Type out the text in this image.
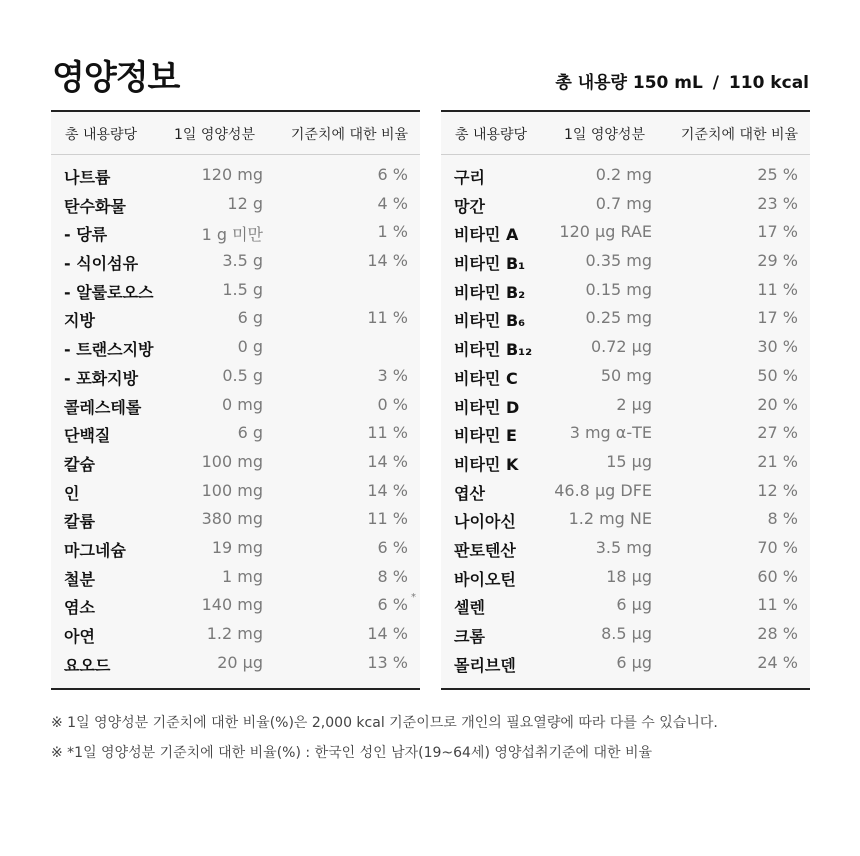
영양정보	총 내용량 150 mL / 110 kcal
총 내용량당	1일 영양성분	기준치에 대한 비율
나트륨	120 mg	6 %
탄수화물	12 g	4 %
- 당류	1 g 미만	1 %
- 식이섬유	3.5 g	14 %
- 알룰로오스	1.5 g
지방	6 g	11 %
- 트랜스지방	0 g
- 포화지방	0.5 g	3 %
콜레스테롤	0 mg	0 %
단백질	6 g	11 %
칼슘	100 mg	14 %
인	100 mg	14 %
칼륨	380 mg	11 %
마그네슘	19 mg	6 %
철분	1 mg	8 %
염소	140 mg	6 % *
아연	1.2 mg	14 %
요오드	20 μg	13 %
총 내용량당	1일 영양성분	기준치에 대한 비율
구리	0.2 mg	25 %
망간	0.7 mg	23 %
비타민 A	120 μg RAE	17 %
비타민 B₁	0.35 mg	29 %
비타민 B₂	0.15 mg	11 %
비타민 B₆	0.25 mg	17 %
비타민 B₁₂	0.72 μg	30 %
비타민 C	50 mg	50 %
비타민 D	2 μg	20 %
비타민 E	3 mg α-TE	27 %
비타민 K	15 μg	21 %
엽산	46.8 μg DFE	12 %
나이아신	1.2 mg NE	8 %
판토텐산	3.5 mg	70 %
바이오틴	18 μg	60 %
셀렌	6 μg	11 %
크롬	8.5 μg	28 %
몰리브덴	6 μg	24 %
※ 1일 영양성분 기준치에 대한 비율(%)은 2,000 kcal 기준이므로 개인의 필요열량에 따라 다를 수 있습니다.
※ *1일 영양성분 기준치에 대한 비율(%) : 한국인 성인 남자(19~64세) 영양섭취기준에 대한 비율
